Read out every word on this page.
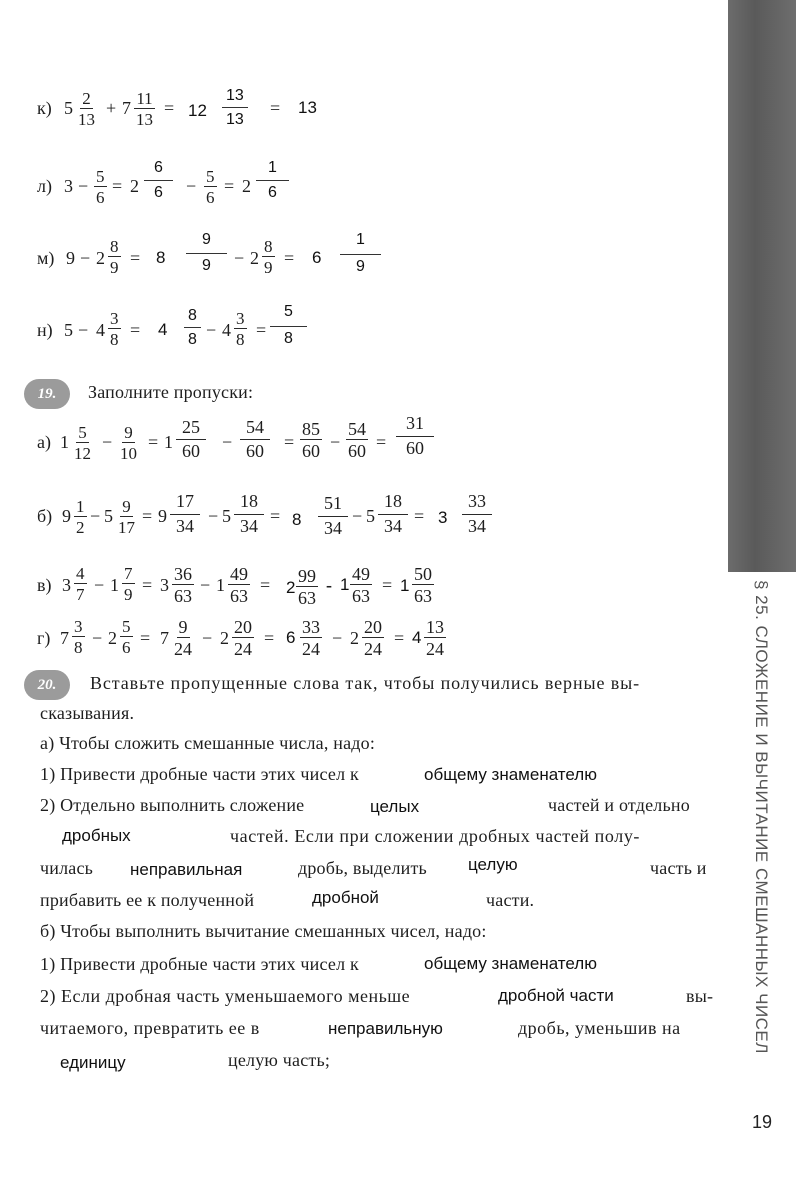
§ 25. СЛОЖЕНИЕ И ВЫЧИТАНИЕ СМЕШАННЫХ ЧИСЕЛ
19
к) $5 \frac{2}{13} + 7 \frac{11}{13} = 12 \frac{13}{13} = 13$
л) $3 - \frac{5}{6} = 2 \frac{6}{6} - \frac{5}{6} = 2 \frac{1}{6}$
м) $9 - 2 \frac{8}{9} = 8 \frac{9}{9} - 2 \frac{8}{9} = 6 \frac{1}{9}$
н) $5 - 4 \frac{3}{8} = 4 \frac{8}{8} - 4 \frac{3}{8} = \frac{5}{8}$
19.	Заполните пропуски:
а) $1 \frac{5}{12} - \frac{9}{10} = 1 \frac{25}{60} - \frac{54}{60} = \frac{85}{60} - \frac{54}{60} = \frac{31}{60}$
б) $9 \frac{1}{2} - 5 \frac{9}{17} = 9 \frac{17}{34} - 5 \frac{18}{34} = 8 \frac{51}{34} - 5 \frac{18}{34} = 3 \frac{33}{34}$
в) $3 \frac{4}{7} - 1 \frac{7}{9} = 3 \frac{36}{63} - 1 \frac{49}{63} = 2 \frac{99}{63} - 1 \frac{49}{63} = 1 \frac{50}{63}$
г) $7 \frac{3}{8} - 2 \frac{5}{6} = 7 \frac{9}{24} - 2 \frac{20}{24} = 6 \frac{33}{24} - 2 \frac{20}{24} = 4 \frac{13}{24}$
20.	Вставьте пропущенные слова так, чтобы получились верные вы-
сказывания.
а) Чтобы сложить смешанные числа, надо:
1) Привести дробные части этих чисел к	общему знаменателю
2) Отдельно выполнить сложение	целых	частей и отдельно
дробных	частей. Если при сложении дробных частей полу-
чилась неправильная	дробь, выделить целую	часть и
прибавить ее к полученной	дробной	части.
б) Чтобы выполнить вычитание смешанных чисел, надо:
1) Привести дробные части этих чисел к	общему знаменателю
2) Если дробная часть уменьшаемого меньше	дробной части	вы-
читаемого, превратить ее в	неправильную	дробь, уменьшив на
единицу	целую часть;
